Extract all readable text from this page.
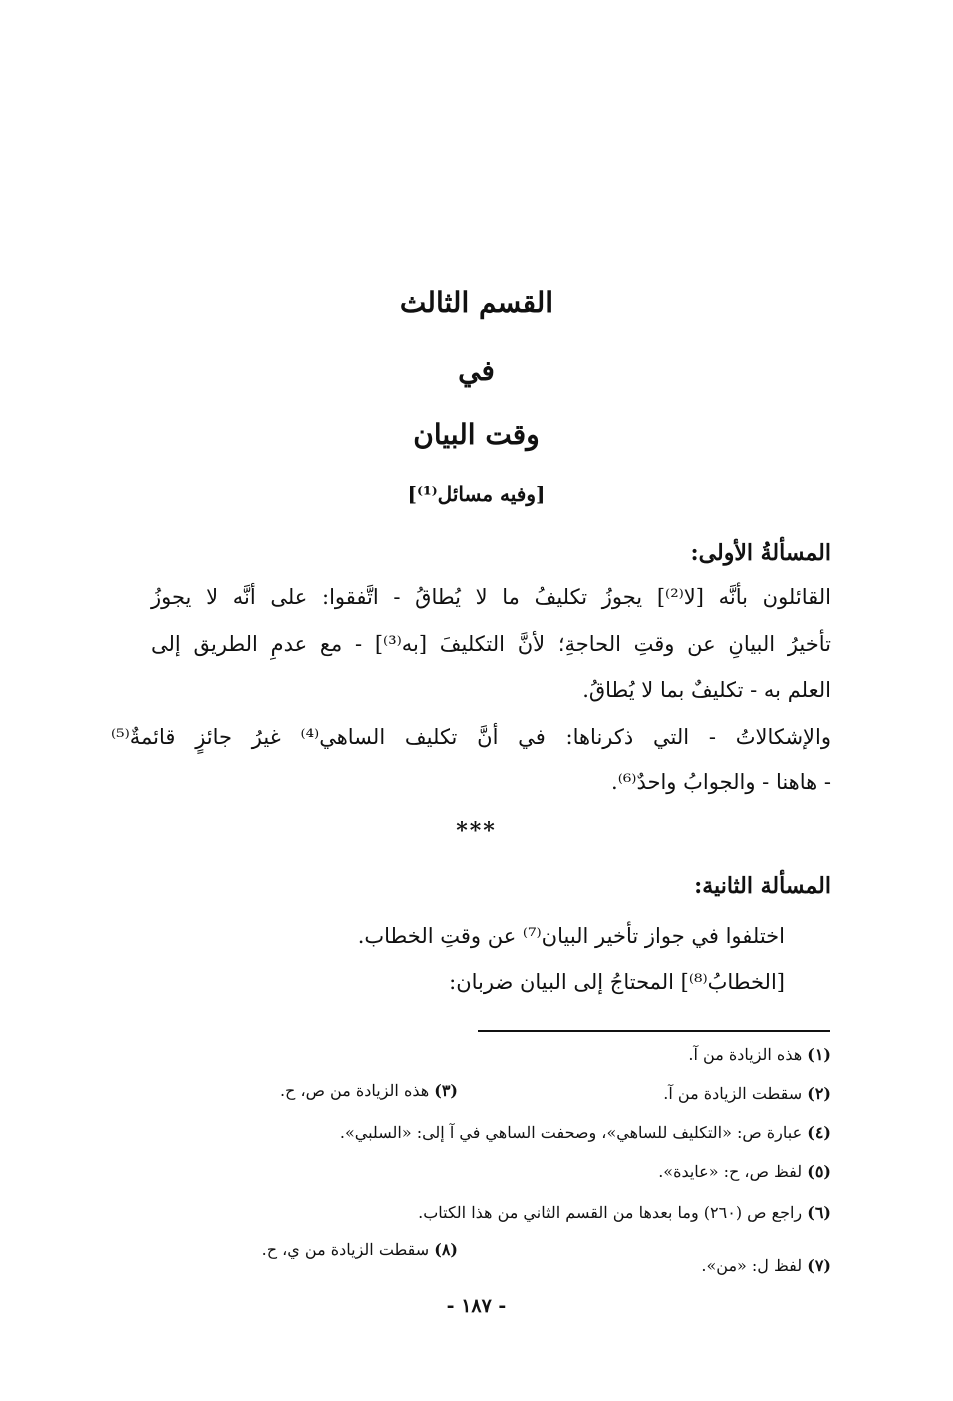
القسم الثالث
في
وقت البيان
[وفيه مسائل⁽¹⁾]
المسألةُ الأولى:
القائلون بأنَّه [لا⁽²⁾] يجوزُ تكليفُ ما لا يُطاقُ - اتَّفقوا: على أنَّه لا يجوزُ
تأخيرُ البيانِ عن وقتِ الحاجةِ؛ لأنَّ التكليفَ [به⁽³⁾] - مع عدمِ الطريق إلى
العلم به - تكليفٌ بما لا يُطاقُ.
والإشكالاتُ - التي ذكرناها: في أنَّ تكليف الساهي⁽⁴⁾ غيرُ جائزٍ قائمةٌ⁽⁵⁾
- هاهنا - والجوابُ واحدٌ⁽⁶⁾.
***
المسألة الثانية:
اختلفوا في جواز تأخير البيان⁽⁷⁾ عن وقتِ الخطاب.
[الخطابُ⁽⁸⁾] المحتاجُ إلى البيان ضربان:
(١) هذه الزيادة من آ.
(٢) سقطت الزيادة من آ.
(٣) هذه الزيادة من ص، ح.
(٤) عبارة ص: «التكليف للساهي»، وصحفت الساهي في آ إلى: «السلبي».
(٥) لفظ ص، ح: «عايدة».
(٦) راجع ص (٢٦٠) وما بعدها من القسم الثاني من هذا الكتاب.
(٧) لفظ ل: «من».
(٨) سقطت الزيادة من ي، ح.
- ١٨٧ -
